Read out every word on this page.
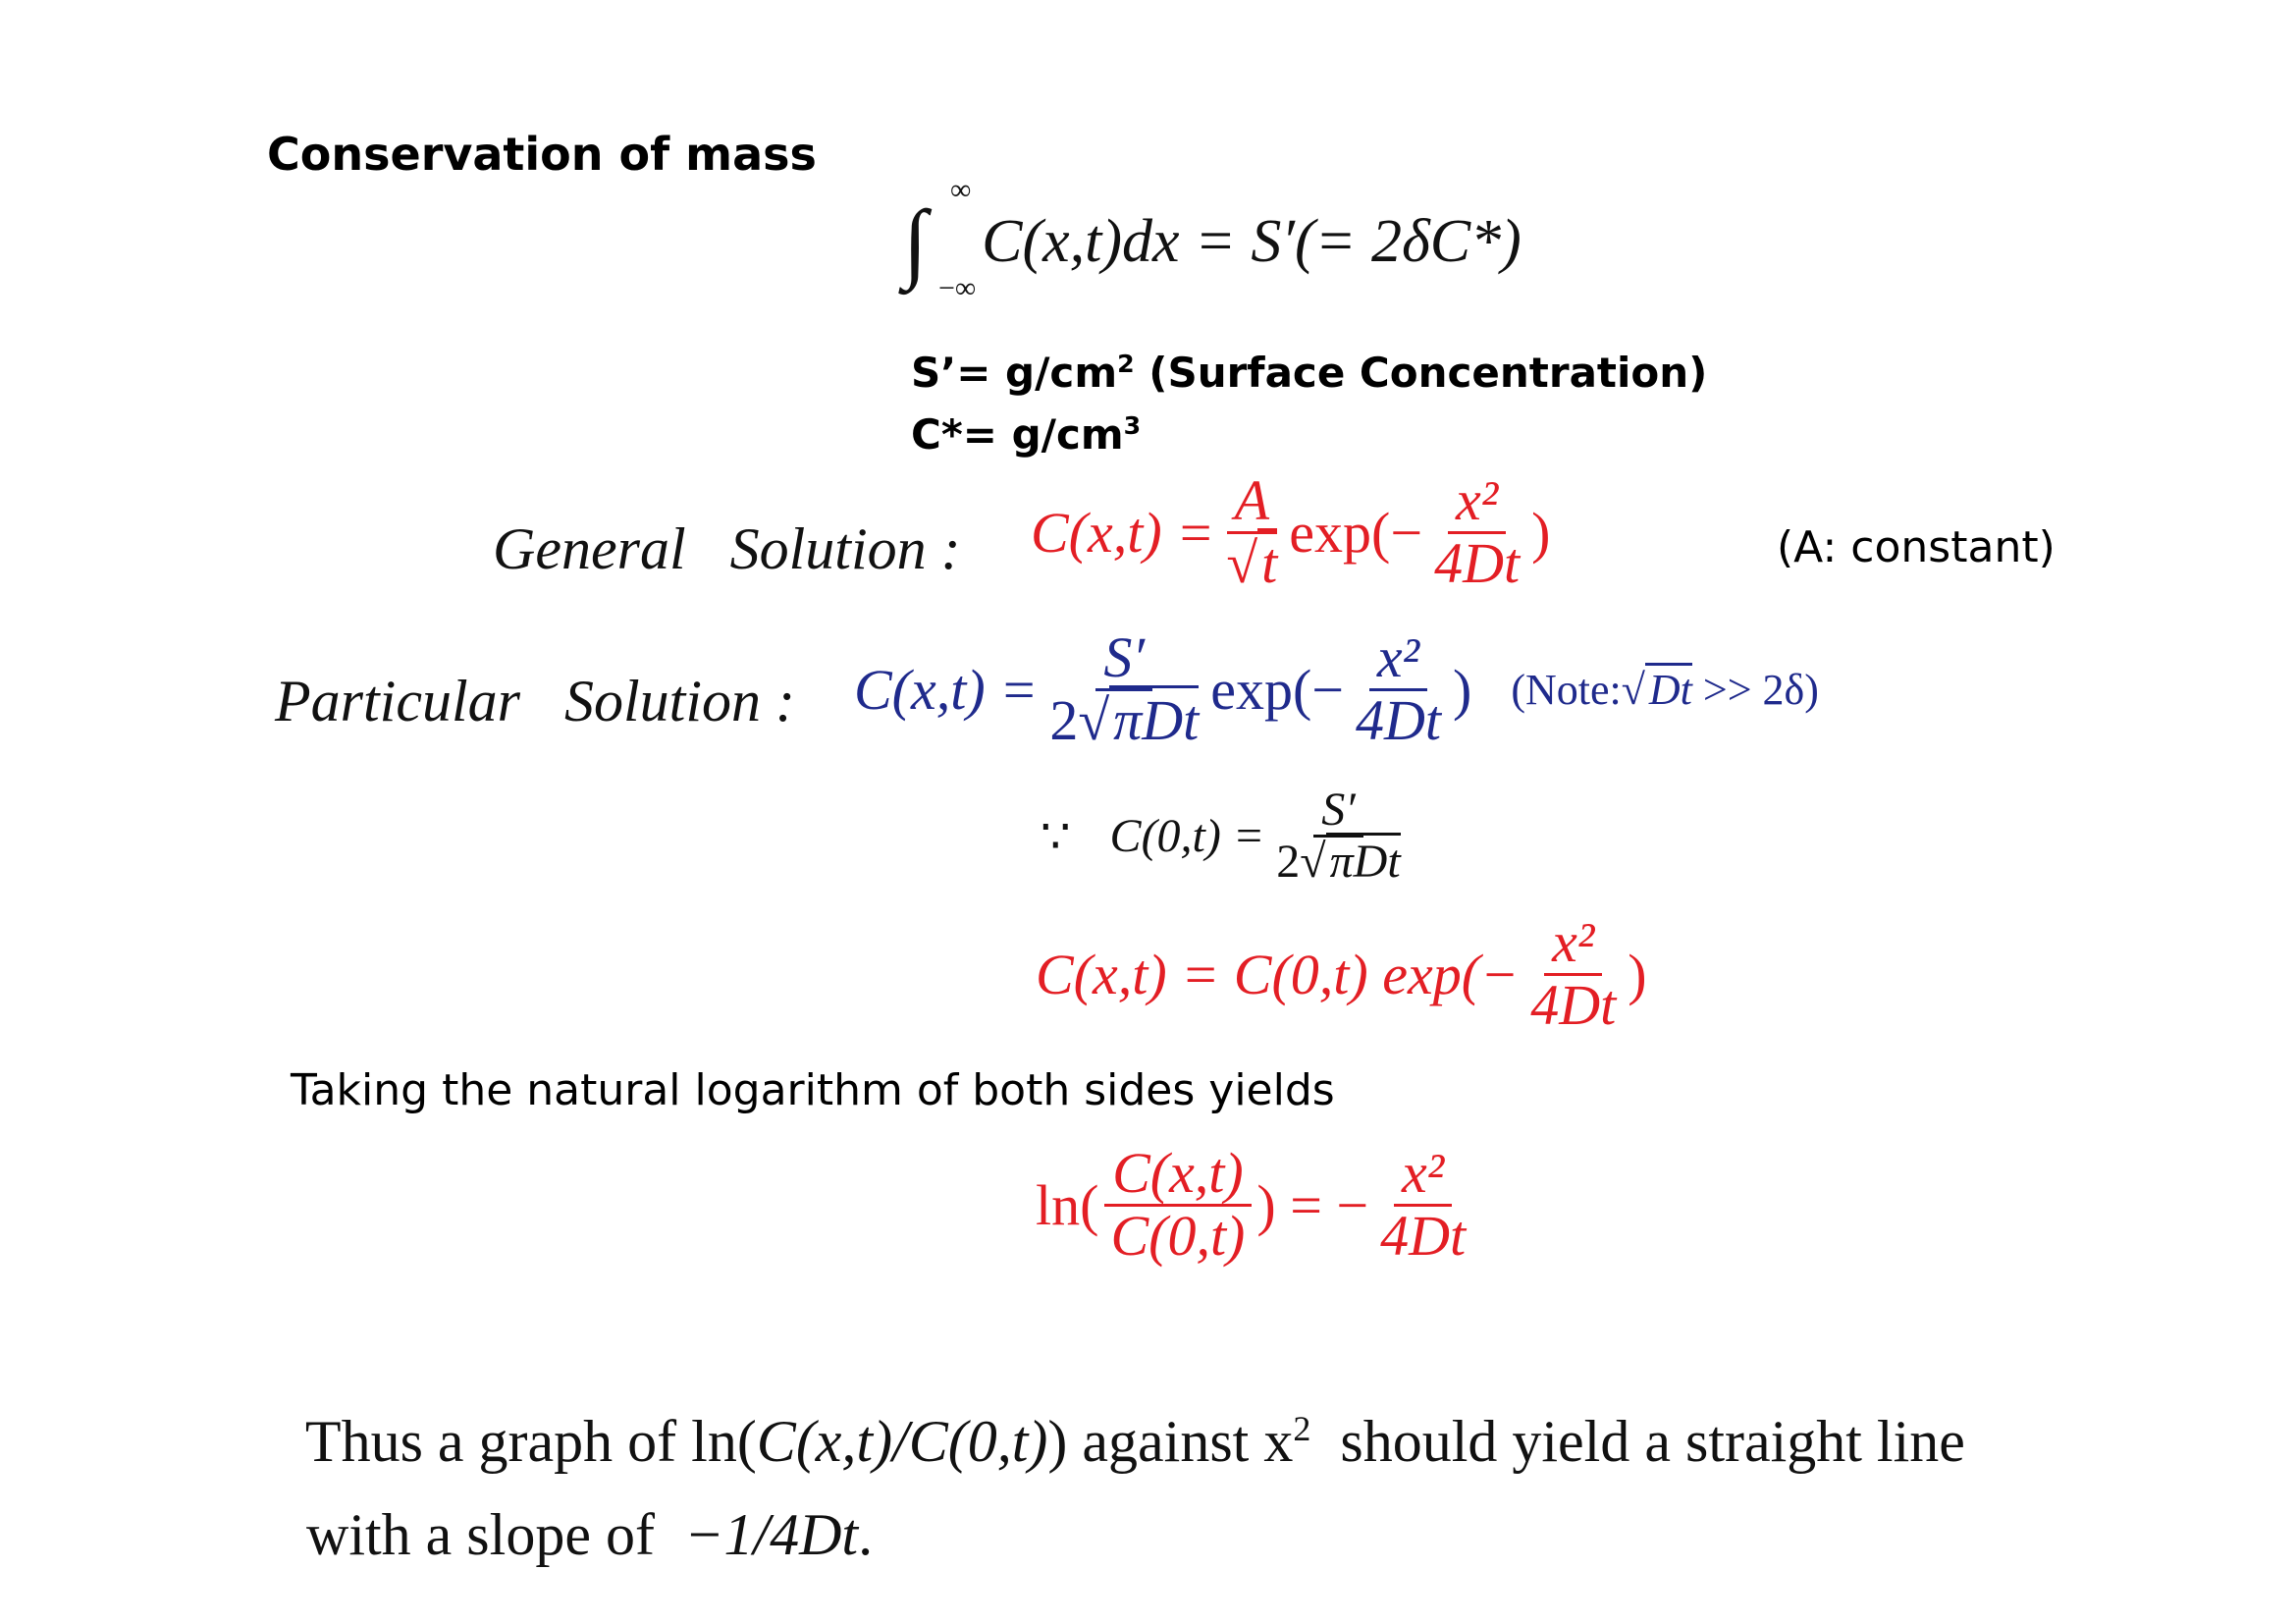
Conservation of mass
∫
∞
−∞
C(x,t)dx = S′(= 2δC*)
S’= $g/cm^2$ (Surface Concentration)
$C*= g/cm^3$
General   Solution : $C(x,t) = \frac{A}{√t} \exp(- \frac{\text{x²}}{4Dt}$ )	(A: constant)
Particular   Solution : $C(x,t) = \frac{S'}{\text{2√πDt}} \exp(- \frac{\text{x²}}{4Dt}$ ) (Note:√Dt >> 2δ)
∵ $C(0,t) = \frac{S'}{\text{2√πDt}}$
C(x,t) = C(0,t) $\exp(- \frac{\text{x²}}{4Dt}$ )
Taking the natural logarithm of both sides yields
$\ln( \frac{C(x,t)}{C(0,t)}$ ) = − $\frac{\text{x²}}{4Dt}$

Thus a graph of ln(C(x,t)/C(0,t)) against $x^2$  should yield a straight line

with a slope of  −1/4Dt.
